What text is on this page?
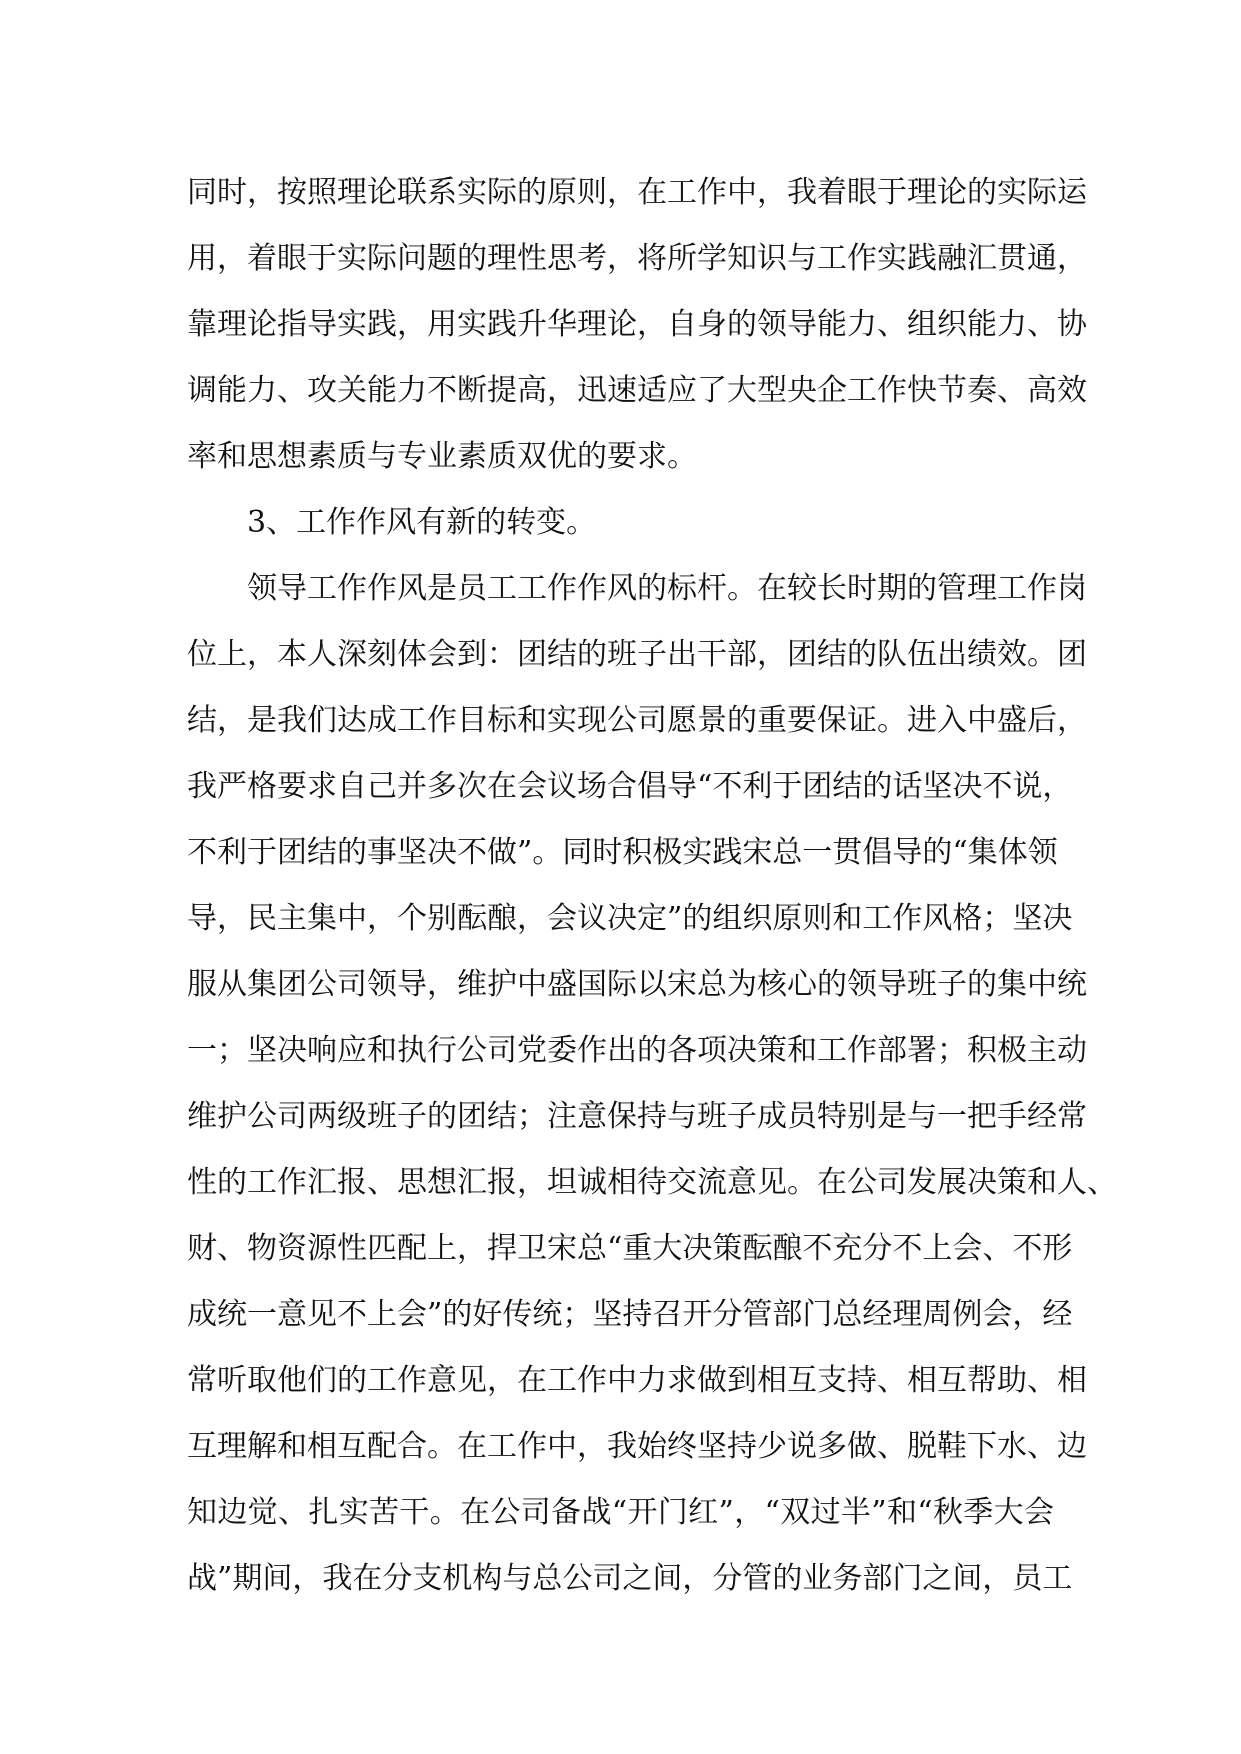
同时，按照理论联系实际的原则，在工作中，我着眼于理论的实际运
用，着眼于实际问题的理性思考，将所学知识与工作实践融汇贯通，
靠理论指导实践，用实践升华理论，自身的领导能力、组织能力、协
调能力、攻关能力不断提高，迅速适应了大型央企工作快节奏、高效
率和思想素质与专业素质双优的要求。
3、工作作风有新的转变。
领导工作作风是员工工作作风的标杆。在较长时期的管理工作岗
位上，本人深刻体会到：团结的班子出干部，团结的队伍出绩效。团
结，是我们达成工作目标和实现公司愿景的重要保证。进入中盛后，
我严格要求自己并多次在会议场合倡导“不利于团结的话坚决不说，
不利于团结的事坚决不做”。同时积极实践宋总一贯倡导的“集体领
导，民主集中，个别酝酿，会议决定”的组织原则和工作风格；坚决
服从集团公司领导，维护中盛国际以宋总为核心的领导班子的集中统
一；坚决响应和执行公司党委作出的各项决策和工作部署；积极主动
维护公司两级班子的团结；注意保持与班子成员特别是与一把手经常
性的工作汇报、思想汇报，坦诚相待交流意见。在公司发展决策和人、
财、物资源性匹配上，捍卫宋总“重大决策酝酿不充分不上会、不形
成统一意见不上会”的好传统；坚持召开分管部门总经理周例会，经
常听取他们的工作意见，在工作中力求做到相互支持、相互帮助、相
互理解和相互配合。在工作中，我始终坚持少说多做、脱鞋下水、边
知边觉、扎实苦干。在公司备战“开门红”，“双过半”和“秋季大会
战”期间，我在分支机构与总公司之间，分管的业务部门之间，员工
